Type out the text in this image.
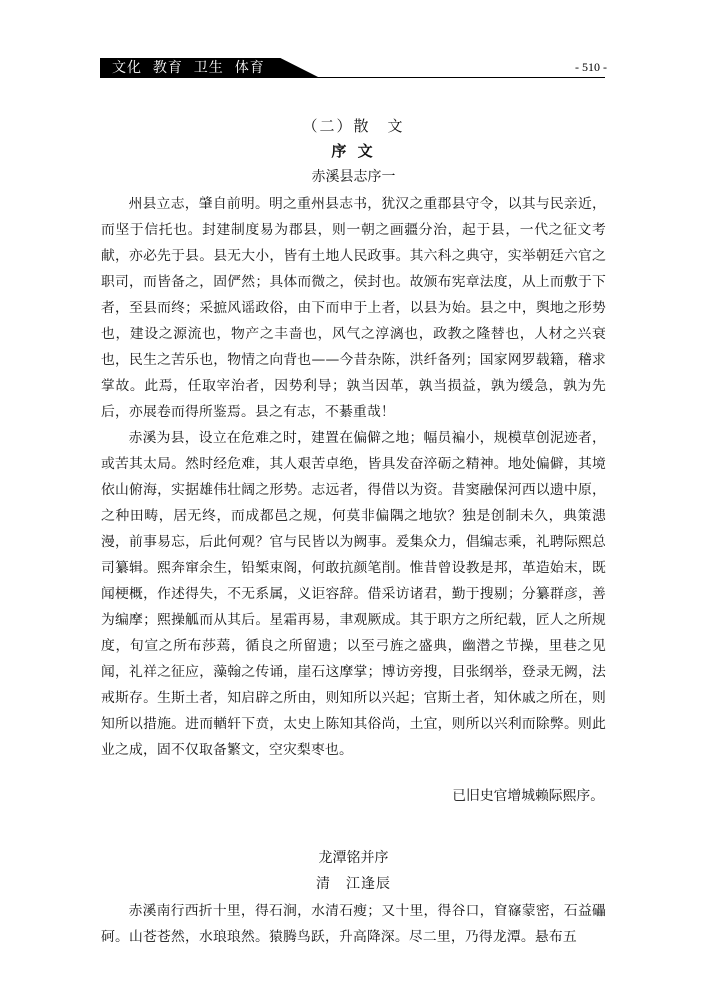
文化  教育  卫生  体育	- 510 -
（二）散　文
序 文
赤溪县志序一

州县立志，肇自前明。明之重州县志书，犹汉之重郡县守令，以其与民亲近，而坚于信托也。封建制度易为郡县，则一朝之画疆分治，起于县，一代之征文考献，亦必先于县。县无大小，皆有土地人民政事。其六科之典守，实举朝廷六官之职司，而皆备之，固俨然；具体而微之，侯封也。故颁布宪章法度，从上而敷于下者，至县而终；采摭风谣政俗，由下而申于上者，以县为始。县之中，舆地之形势也，建设之源流也，物产之丰啬也，风气之淳漓也，政教之隆替也，人材之兴衰也，民生之苦乐也，物情之向背也——今昔杂陈，洪纤备列；国家网罗载籍，稽求掌故。此焉，任取宰治者，因势利导；孰当因革，孰当损益，孰为缓急，孰为先后，亦展卷而得所鉴焉。县之有志，不綦重哉！

赤溪为县，设立在危难之时，建置在偏僻之地；幅员褊小，规模草创泥迹者，或苦其太局。然时经危难，其人艰苦卓绝，皆具发奋淬砺之精神。地处偏僻，其境依山俯海，实据雄伟壮阔之形势。志远者，得借以为资。昔窦融保河西以遗中原，之种田畴，居无终，而成都邑之规，何莫非偏隅之地欤？独是创制未久，典策漶漫，前事易忘，后此何观？官与民皆以为阙事。爰集众力，倡编志乘，礼聘际熙总司纂辑。熙奔窜余生，铅椠束阁，何敢抗颜笔削。惟昔曾设教是邦，革造始末，既闻梗概，作述得失，不无系属，义讵容辞。借采访诸君，勤于搜剔；分纂群彦，善为编摩；熙操觚而从其后。星霜再易，聿观厥成。其于职方之所纪载，匠人之所规度，旬宣之所布莎蔫，循良之所留遗；以至弓旌之盛典，幽潜之节操，里巷之见闻，礼祥之征应，藻翰之传诵，崖石这摩掌；博访旁搜，目张纲举，登录无阙，法戒斯存。生斯土者，知启辟之所由，则知所以兴起；官斯土者，知休戚之所在，则知所以措施。进而輶轩下贲，太史上陈知其俗尚，土宜，则所以兴利而除弊。则此业之成，固不仅取备繁文，空灾梨枣也。

已旧史官增城赖际熙序。
龙潭铭并序
清　江逢辰

赤溪南行西折十里，得石涧，水清石瘦；又十里，得谷口，窅窱蒙密，石益礧砢。山苍苍然，水琅琅然。猿腾鸟跃，升高降深。尽二里，乃得龙潭。悬布五
